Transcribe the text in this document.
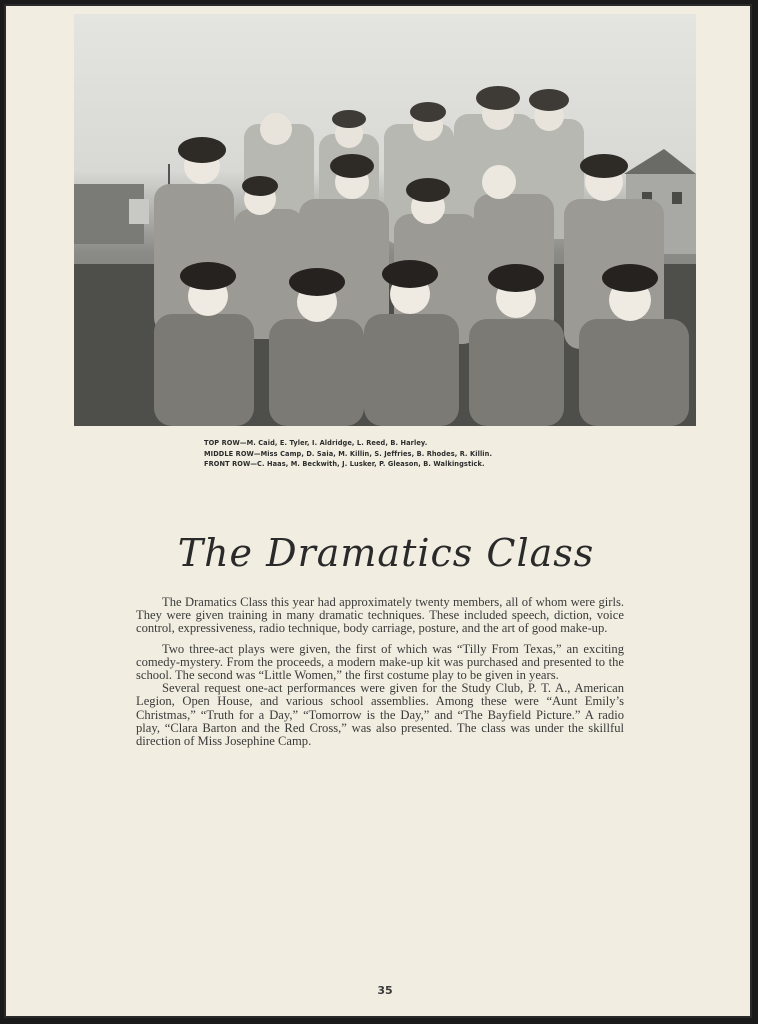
TOP ROW—M. Caid, E. Tyler, I. Aldridge, L. Reed, B. Harley.
MIDDLE ROW—Miss Camp, D. Saia, M. Killin, S. Jeffries, B. Rhodes, R. Killin.
FRONT ROW—C. Haas, M. Beckwith, J. Lusker, P. Gleason, B. Walkingstick.
The Dramatics Class

The Dramatics Class this year had approximately twenty members, all of whom were girls. They were given training in many dramatic techniques. These included speech, diction, voice control, expressiveness, radio technique, body carriage, posture, and the art of good make-up.

Two three-act plays were given, the first of which was “Tilly From Texas,” an exciting comedy-mystery. From the proceeds, a modern make-up kit was purchased and presented to the school. The second was “Little Women,” the first costume play to be given in years.

Several request one-act performances were given for the Study Club, P. T. A., American Legion, Open House, and various school assemblies. Among these were “Aunt Emily’s Christmas,” “Truth for a Day,” “Tomorrow is the Day,” and “The Bayfield Picture.” A radio play, “Clara Barton and the Red Cross,” was also presented. The class was under the skillful direction of Miss Josephine Camp.

35
